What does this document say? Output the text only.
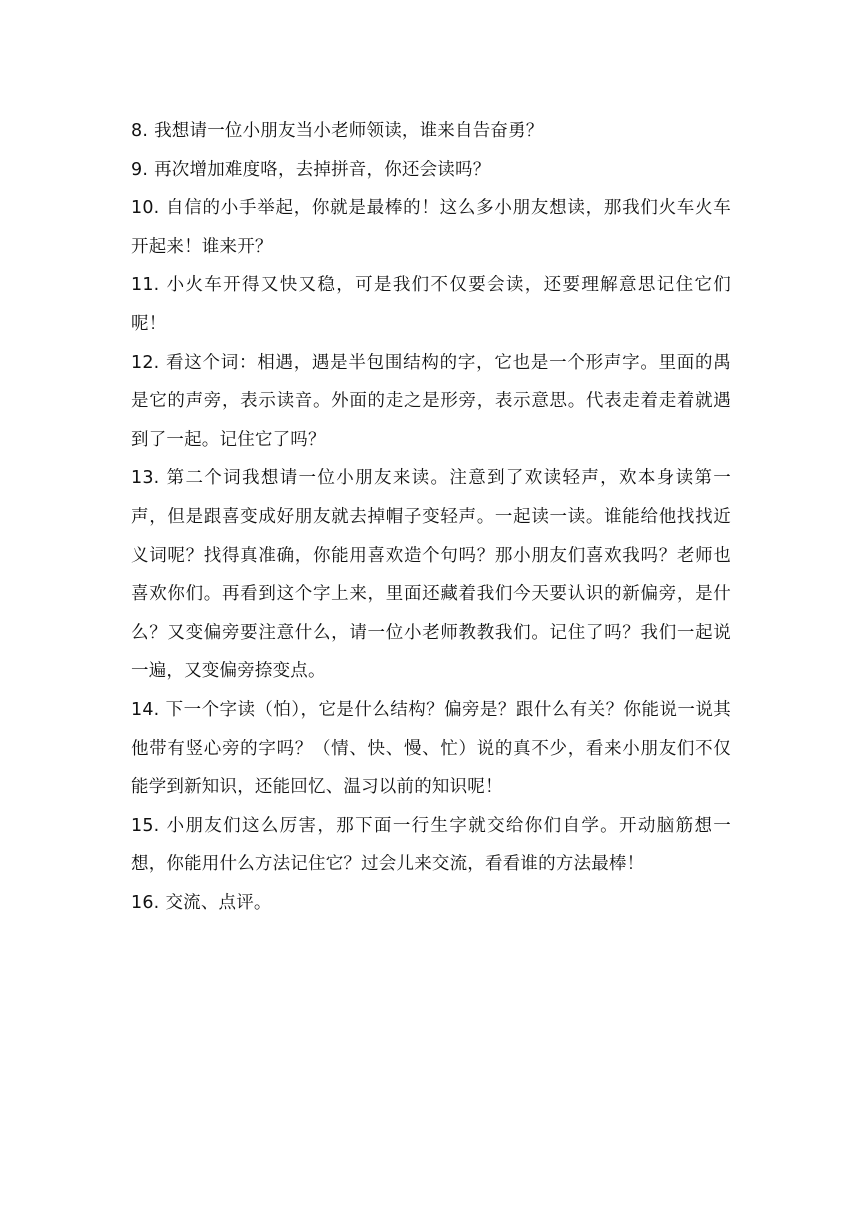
8. 我想请一位小朋友当小老师领读，谁来自告奋勇？

9. 再次增加难度咯，去掉拼音，你还会读吗？

10. 自信的小手举起，你就是最棒的！这么多小朋友想读，那我们火车火车开起来！谁来开？

11. 小火车开得又快又稳，可是我们不仅要会读，还要理解意思记住它们呢！

12. 看这个词：相遇，遇是半包围结构的字，它也是一个形声字。里面的禺是它的声旁，表示读音。外面的走之是形旁，表示意思。代表走着走着就遇到了一起。记住它了吗？

13. 第二个词我想请一位小朋友来读。注意到了欢读轻声，欢本身读第一声，但是跟喜变成好朋友就去掉帽子变轻声。一起读一读。谁能给他找找近义词呢？找得真准确，你能用喜欢造个句吗？那小朋友们喜欢我吗？老师也喜欢你们。再看到这个字上来，里面还藏着我们今天要认识的新偏旁，是什么？又变偏旁要注意什么，请一位小老师教教我们。记住了吗？我们一起说一遍，又变偏旁捺变点。

14. 下一个字读（怕），它是什么结构？偏旁是？跟什么有关？你能说一说其他带有竖心旁的字吗？（情、快、慢、忙）说的真不少，看来小朋友们不仅能学到新知识，还能回忆、温习以前的知识呢！

15. 小朋友们这么厉害，那下面一行生字就交给你们自学。开动脑筋想一想，你能用什么方法记住它？过会儿来交流，看看谁的方法最棒！

16. 交流、点评。
